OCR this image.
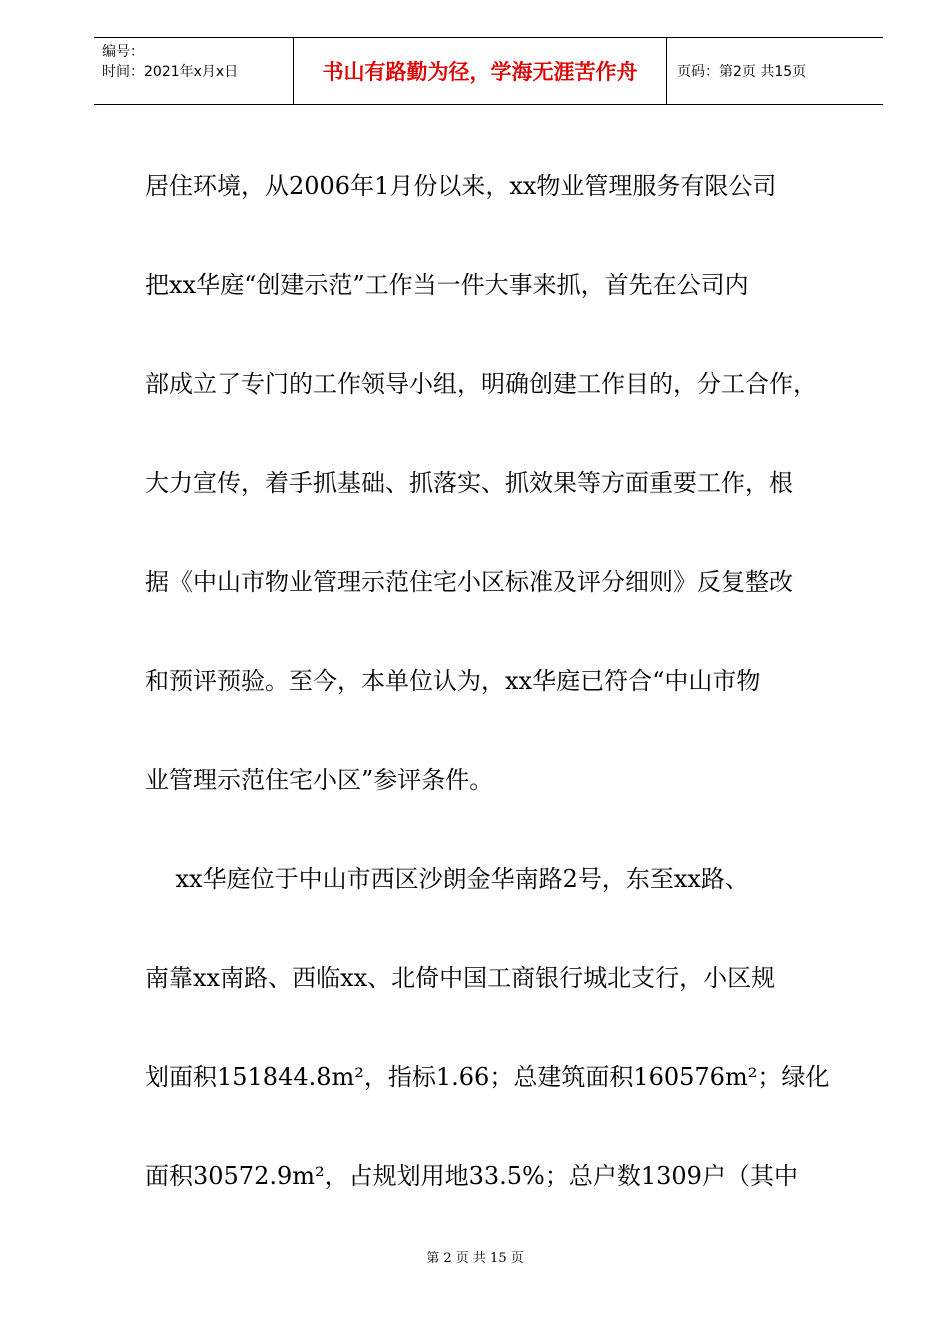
编号：
时间：2021年x月x日	书山有路勤为径，学海无涯苦作舟	页码：第2页 共15页
居住环境，从2006年1月份以来，xx物业管理服务有限公司
把xx华庭“创建示范”工作当一件大事来抓，首先在公司内
部成立了专门的工作领导小组，明确创建工作目的，分工合作，
大力宣传，着手抓基础、抓落实、抓效果等方面重要工作，根
据《中山市物业管理示范住宅小区标准及评分细则》反复整改
和预评预验。至今，本单位认为，xx华庭已符合“中山市物
业管理示范住宅小区”参评条件。
xx华庭位于中山市西区沙朗金华南路2号，东至xx路、
南靠xx南路、西临xx、北倚中国工商银行城北支行，小区规
划面积151844.8m²，指标1.66；总建筑面积160576m²；绿化
面积30572.9m²，占规划用地33.5%；总户数1309户（其中
第 2 页 共 15 页
